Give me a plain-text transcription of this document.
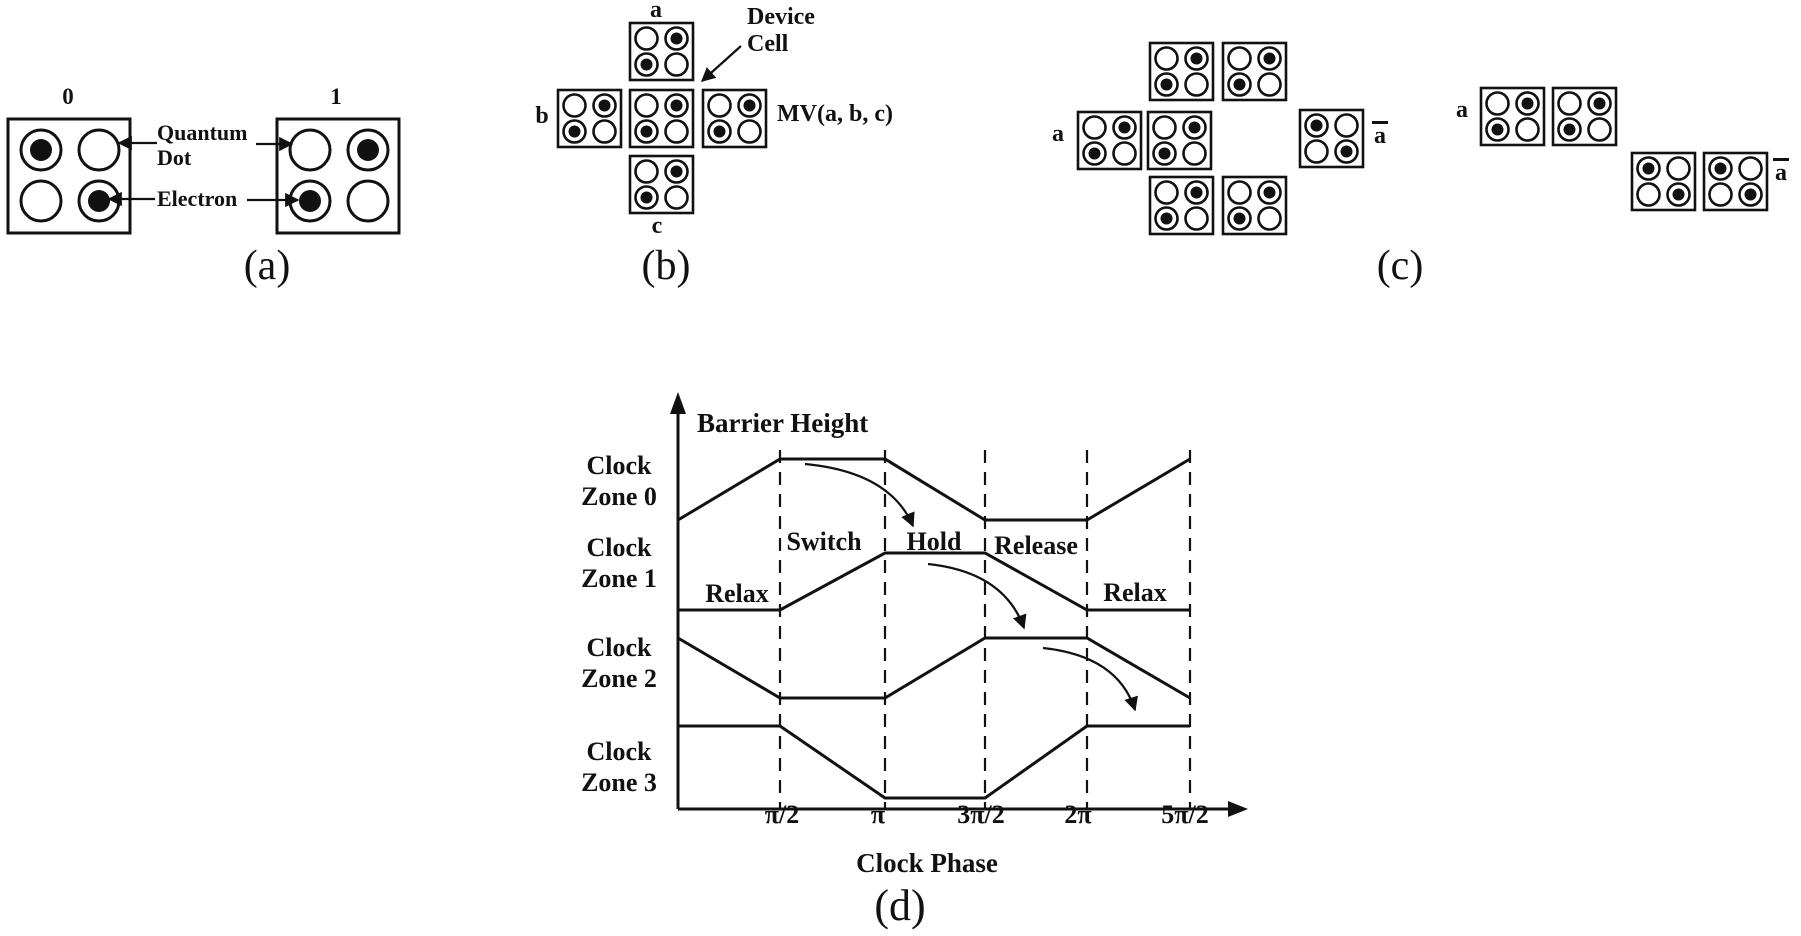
0	1
Quantum
Dot
Electron
(a)
a
b
c
Device
Cell
MV(a, b, c)
(b)
a	a
a
a
(c)
Barrier Height
Clock
Zone 0
Clock
Zone 1
Clock
Zone 2
Clock
Zone 3
Relax
Switch Hold Release
Relax
π/2	π	3π/2 2π	5π/2
Clock Phase
(d)
